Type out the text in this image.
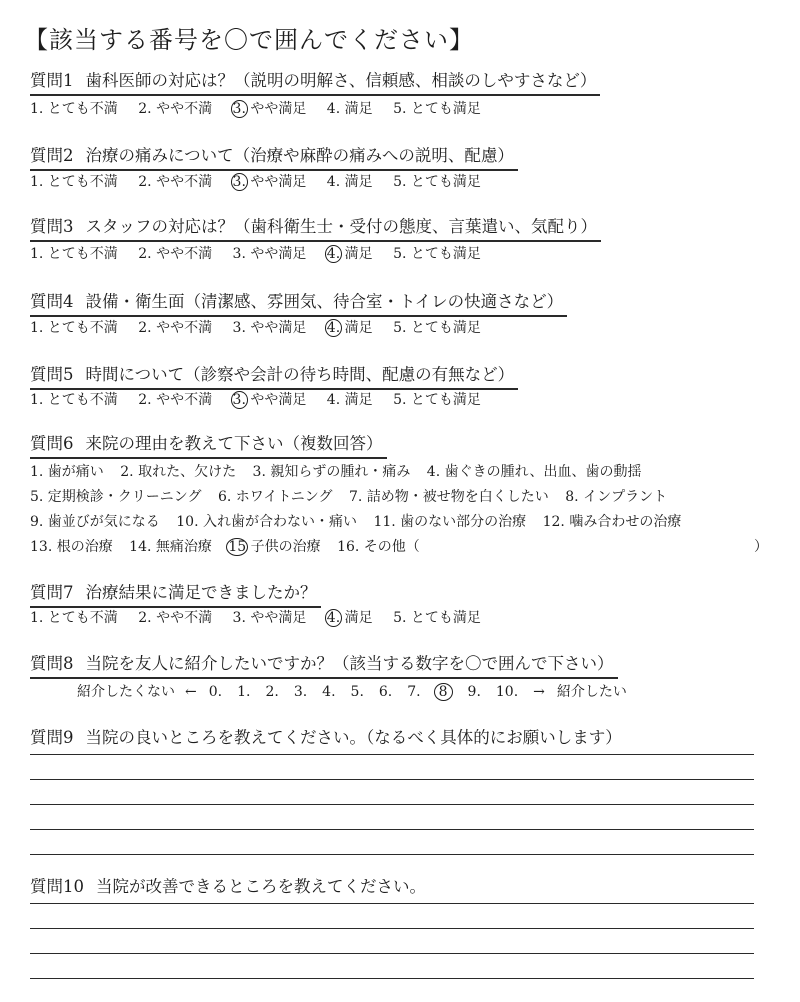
【該当する番号を〇で囲んでください】
質問1 歯科医師の対応は？（説明の明解さ、信頼感、相談のしやすさなど）
1. とても不満 2. やや不満 3. やや満足 4. 満足 5. とても満足
質問2 治療の痛みについて（治療や麻酔の痛みへの説明、配慮）
1. とても不満 2. やや不満 3. やや満足 4. 満足 5. とても満足
質問3 スタッフの対応は？（歯科衛生士・受付の態度、言葉遣い、気配り）
1. とても不満 2. やや不満 3. やや満足 4. 満足 5. とても満足
質問4 設備・衛生面（清潔感、雰囲気、待合室・トイレの快適さなど）
1. とても不満 2. やや不満 3. やや満足 4. 満足 5. とても満足
質問5 時間について（診察や会計の待ち時間、配慮の有無など）
1. とても不満 2. やや不満 3. やや満足 4. 満足 5. とても満足
質問6 来院の理由を教えて下さい（複数回答）
1. 歯が痛い 2. 取れた、欠けた 3. 親知らずの腫れ・痛み 4. 歯ぐきの腫れ、出血、歯の動揺
5. 定期検診・クリーニング 6. ホワイトニング 7. 詰め物・被せ物を白くしたい 8. インプラント
9. 歯並びが気になる 10. 入れ歯が合わない・痛い 11. 歯のない部分の治療 12. 噛み合わせの治療
13. 根の治療 14. 無痛治療 15 子供の治療 16. その他（	）
質問7 治療結果に満足できましたか？
1. とても不満 2. やや不満 3. やや満足 4. 満足 5. とても満足
質問8 当院を友人に紹介したいですか？（該当する数字を〇で囲んで下さい）
紹介したくない ← 0. 1. 2. 3. 4. 5. 6. 7. 8 9. 10. → 紹介したい
質問9 当院の良いところを教えてください。（なるべく具体的にお願いします）
質問10 当院が改善できるところを教えてください。
